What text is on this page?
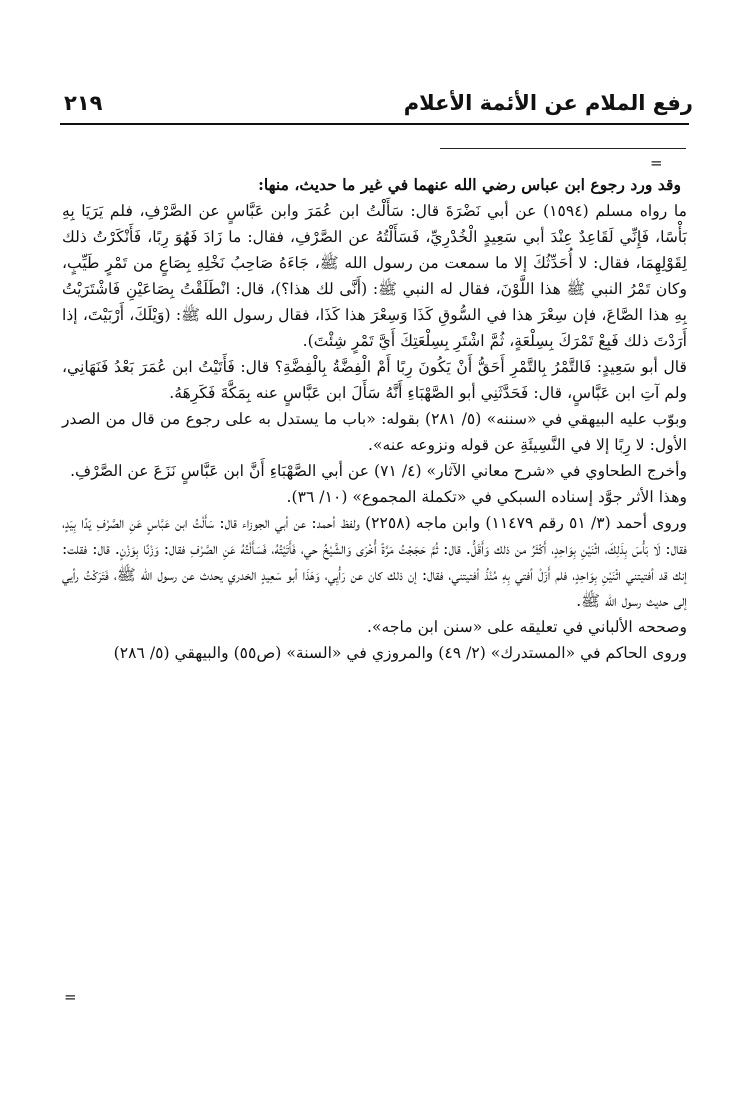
رفع الملام عن الأئمة الأعلام
٢١٩
=

وقد ورد رجوع ابن عباس رضي الله عنهما في غير ما حديث، منها:

ما رواه مسلم (١٥٩٤) عن أبي نَضْرَةَ قال: سَأَلْتُ ابن عُمَرَ وابن عَبَّاسٍ عن الصَّرْفِ، فلم يَرَيَا بِهِ بَأْسًا، فَإِنِّي لَقَاعِدٌ عِنْدَ أبي سَعِيدٍ الْخُدْرِيِّ، فَسَأَلْتُهُ عن الصَّرْفِ، فقال: ما زَادَ فَهُوَ رِبًا، فَأَنْكَرْتُ ذلك لِقَوْلِهِمَا، فقال: لا أُحَدِّثُكَ إلا ما سمعت من رسول الله ﷺ، جَاءَهُ صَاحِبُ نَخْلِهِ بِصَاعٍ من تَمْرٍ طَيِّبٍ، وكان تَمْرُ النبي ﷺ هذا اللَّوْنَ، فقال له النبي ﷺ: (أَنَّى لك هذا؟)، قال: انْطَلَقْتُ بِصَاعَيْنِ فَاشْتَرَيْتُ بِهِ هذا الصَّاعَ، فإن سِعْرَ هذا في السُّوقِ كَذَا وَسِعْرَ هذا كَذَا، فقال رسول الله ﷺ: (وَيْلَكَ، أَرْبَيْتَ، إذا أَرَدْتَ ذلك فَبِعْ تَمْرَكَ بِسِلْعَةٍ، ثُمَّ اشْتَرِ بِسِلْعَتِكَ أَيَّ تَمْرٍ شِئْتَ).

قال أبو سَعِيدٍ: فَالتَّمْرُ بِالتَّمْرِ أَحَقُّ أَنْ يَكُونَ رِبًا أَمْ الْفِضَّةُ بِالْفِضَّةِ؟ قال: فَأَتَيْتُ ابن عُمَرَ بَعْدُ فَنَهَانِي، ولم آتِ ابن عَبَّاسٍ، قال: فَحَدَّثَنِي أبو الصَّهْبَاءِ أَنَّهُ سَأَلَ ابن عَبَّاسٍ عنه بِمَكَّةَ فَكَرِهَهُ.

وبوّب عليه البيهقي في «سننه» (٥/ ٢٨١) بقوله: «باب ما يستدل به على رجوع من قال من الصدر الأول: لا رِبًا إلا في النَّسِيئَةِ عن قوله ونزوعه عنه».

وأخرج الطحاوي في «شرح معاني الآثار» (٤/ ٧١) عن أبي الصَّهْبَاءِ أَنَّ ابن عَبَّاسٍ نَزَعَ عن الصَّرْفِ.

وهذا الأثر جوَّد إسناده السبكي في «تكملة المجموع» (١٠/ ٣٦).

وروى أحمد (٣/ ٥١ رقم ١١٤٧٩) وابن ماجه (٢٢٥٨) ولفظ أحمد: عن أبي الجوزاء قال: سَأَلْتُ ابن عَبَّاسٍ عَنِ الصَّرْفِ يَدًا بِيَدٍ، فقال: لَا بَأْسَ بِذَلِكَ، اثْنَيْنِ بِوَاحِدٍ، أَكْثَرُ من ذلك وَأَقَلُّ. قال: ثُمَّ حَجَجْتُ مَرَّةً أُخْرَى وَالشَّيْخُ حي، فَأَتَيْتُهُ، فَسَأَلْتُهُ عَنِ الصَّرْفِ فقال: وَزْنًا بِوَزْنٍ. قال: فقلت: إنك قد أفتيتني اثْنَيْنِ بِوَاحِدٍ، فلم أَزَلْ أفتي بِهِ مُنْذُ أفتيتني، فقال: إن ذلك كان عن رَأْيِي، وَهَذَا أبو سَعِيدٍ الخدري يحدث عن رسول الله ﷺ، فَتَرَكْتُ رأيي إلى حديث رسول الله ﷺ.

وصححه الألباني في تعليقه على «سنن ابن ماجه».

وروى الحاكم في «المستدرك» (٢/ ٤٩) والمروزي في «السنة» (ص٥٥) والبيهقي (٥/ ٢٨٦)

=
